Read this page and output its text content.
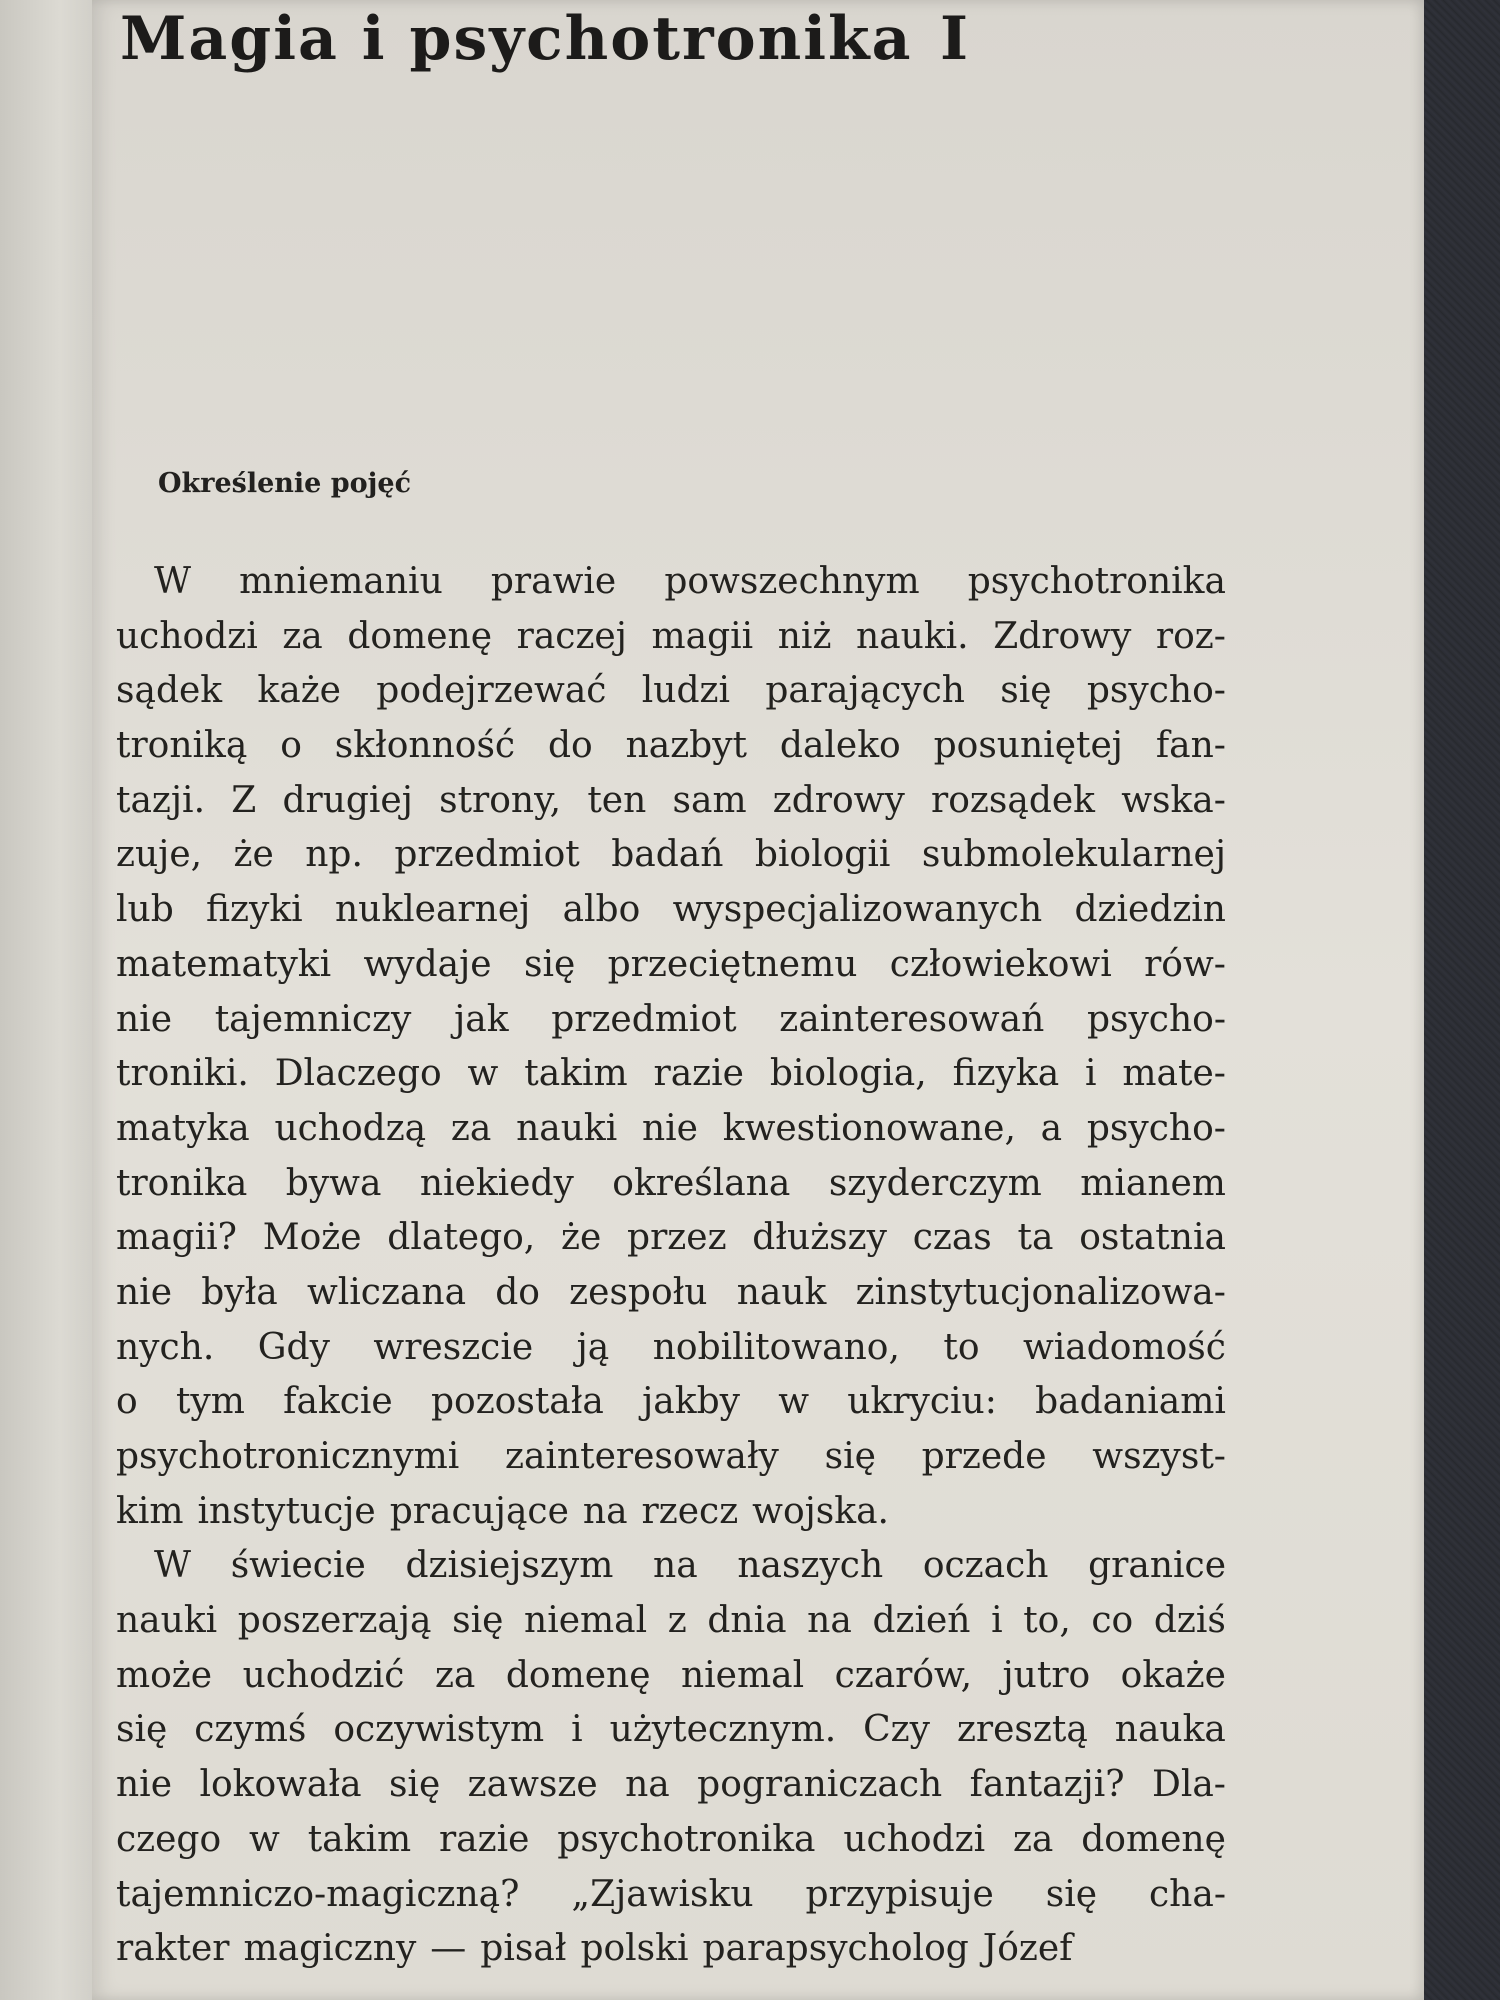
Magia i psychotronika I
Określenie pojęć
W mniemaniu prawie powszechnym psychotronika
uchodzi za domenę raczej magii niż nauki. Zdrowy roz-
sądek każe podejrzewać ludzi parających się psycho-
troniką o skłonność do nazbyt daleko posuniętej fan-
tazji. Z drugiej strony, ten sam zdrowy rozsądek wska-
zuje, że np. przedmiot badań biologii submolekularnej
lub fizyki nuklearnej albo wyspecjalizowanych dziedzin
matematyki wydaje się przeciętnemu człowiekowi rów-
nie tajemniczy jak przedmiot zainteresowań psycho-
troniki. Dlaczego w takim razie biologia, fizyka i mate-
matyka uchodzą za nauki nie kwestionowane, a psycho-
tronika bywa niekiedy określana szyderczym mianem
magii? Może dlatego, że przez dłuższy czas ta ostatnia
nie była wliczana do zespołu nauk zinstytucjonalizowa-
nych. Gdy wreszcie ją nobilitowano, to wiadomość
o tym fakcie pozostała jakby w ukryciu: badaniami
psychotronicznymi zainteresowały się przede wszyst-
kim instytucje pracujące na rzecz wojska.
W świecie dzisiejszym na naszych oczach granice
nauki poszerzają się niemal z dnia na dzień i to, co dziś
może uchodzić za domenę niemal czarów, jutro okaże
się czymś oczywistym i użytecznym. Czy zresztą nauka
nie lokowała się zawsze na pograniczach fantazji? Dla-
czego w takim razie psychotronika uchodzi za domenę
tajemniczo-magiczną? „Zjawisku przypisuje się cha-
rakter magiczny — pisał polski parapsycholog Józef
